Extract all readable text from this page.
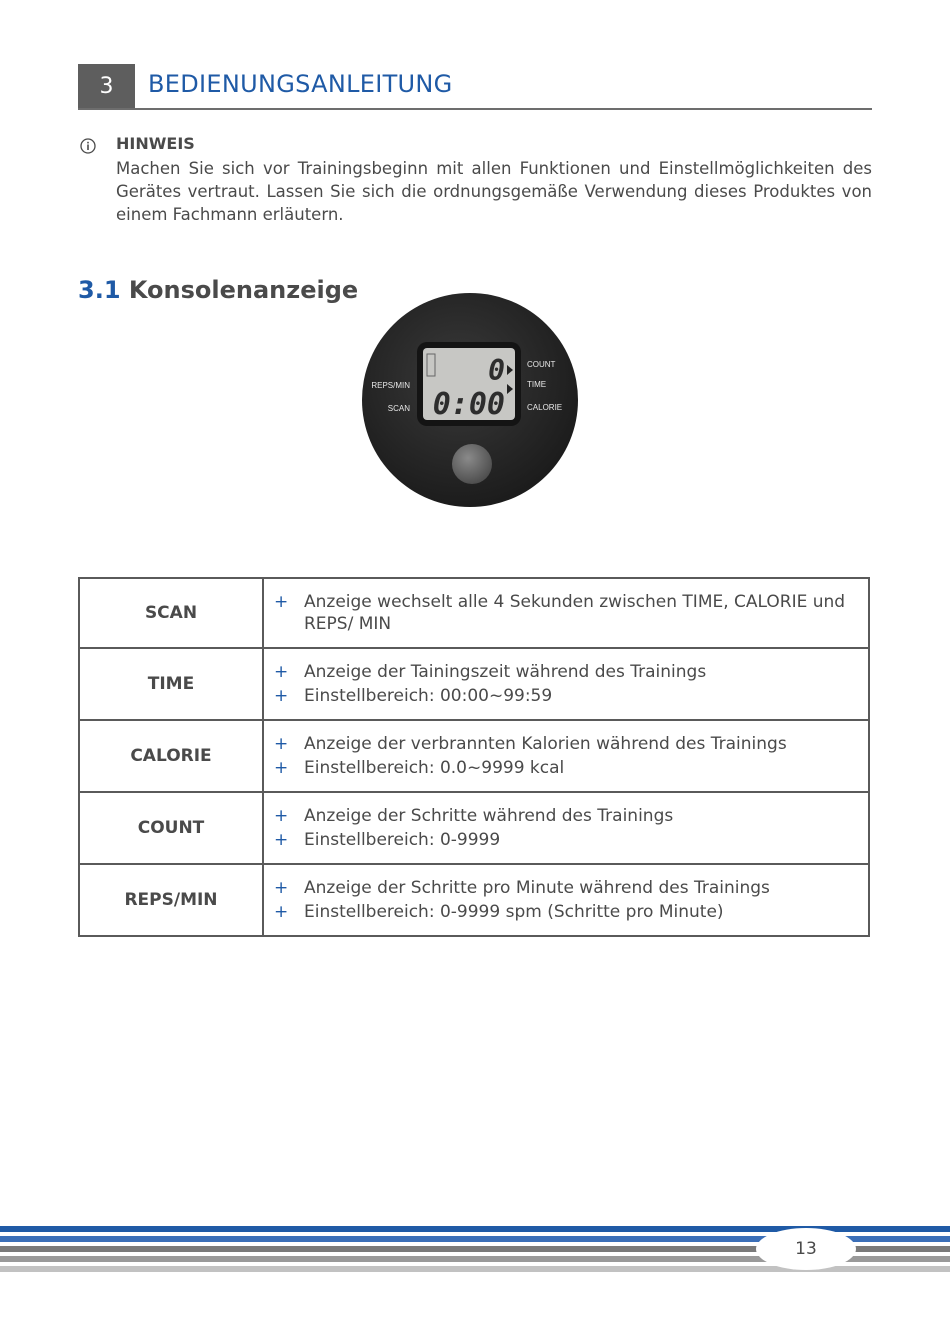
3	BEDIENUNGSANLEITUNG
HINWEIS
Machen Sie sich vor Trainingsbeginn mit allen Funktionen und Einstellmöglichkeiten des Gerätes vertraut. Lassen Sie sich die ordnungsgemäße Verwendung dieses Produktes von einem Fachmann erläutern.
3.1 Konsolenanzeige
0
0:00
REPS/MIN
SCAN
COUNT
TIME
CALORIE
SCAN	+ Anzeige wechselt alle 4 Sekunden zwischen TIME, CALORIE und REPS/ MIN

TIME	+ Anzeige der Tainingszeit während des Trainings
+ Einstellbereich: 00:00~99:59

CALORIE	+ Anzeige der verbrannten Kalorien während des Trainings
+ Einstellbereich: 0.0~9999 kcal

COUNT	+ Anzeige der Schritte während des Trainings
+ Einstellbereich: 0-9999

REPS/MIN	+ Anzeige der Schritte pro Minute während des Trainings
+ Einstellbereich: 0-9999 spm (Schritte pro Minute)
13
